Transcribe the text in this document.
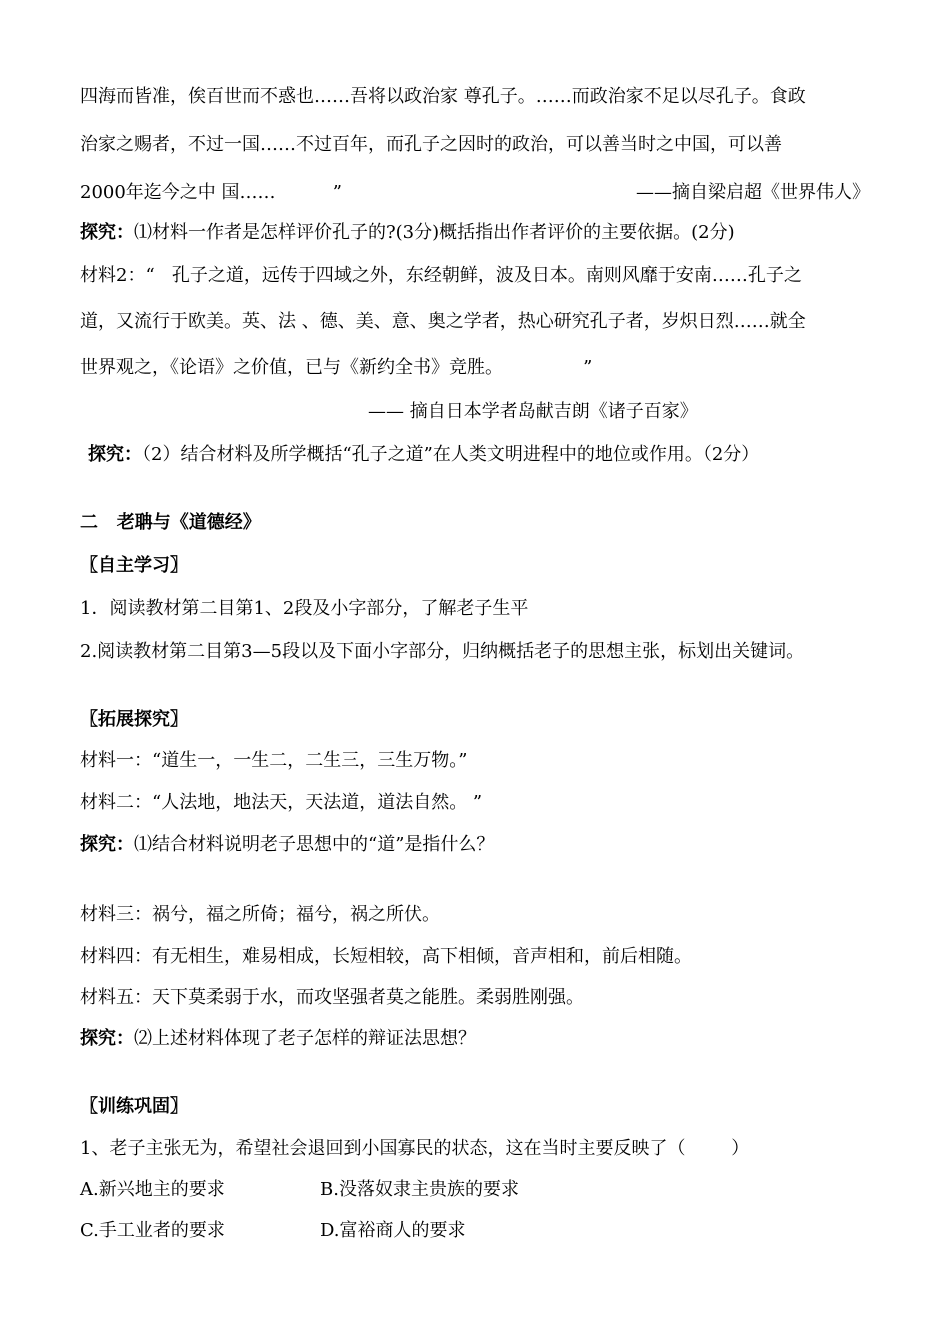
四海而皆准，俟百世而不惑也……吾将以政治家 尊孔子。……而政治家不足以尽孔子。食政
治家之赐者，不过一国……不过百年，而孔子之因时的政治，可以善当时之中国，可以善
2000年迄今之中 国……          ”	——摘自梁启超《世界伟人》
探究：⑴材料一作者是怎样评价孔子的?(3分)概括指出作者评价的主要依据。(2分)
材料2：“   孔子之道，远传于四域之外，东经朝鲜，波及日本。南则风靡于安南……孔子之
道，又流行于欧美。英、法 、德、美、意、奥之学者，热心研究孔子者，岁炽日烈……就全
世界观之，《论语》之价值，已与《新约全书》竞胜。              ”
—— 摘自日本学者岛献吉朗《诸子百家》
探究：（2）结合材料及所学概括“孔子之道”在人类文明进程中的地位或作用。（2分）
二   老聃与《道德经》
〖自主学习〗
1．阅读教材第二目第1、2段及小字部分，了解老子生平
2.阅读教材第二目第3—5段以及下面小字部分，归纳概括老子的思想主张，标划出关键词。
〖拓展探究〗
材料一：“道生一，一生二，二生三，三生万物。”
材料二：“人法地，地法天，天法道，道法自然。 ”
探究：⑴结合材料说明老子思想中的“道”是指什么？
材料三：祸兮，福之所倚；福兮，祸之所伏。
材料四：有无相生，难易相成，长短相较，高下相倾，音声相和，前后相随。
材料五：天下莫柔弱于水，而攻坚强者莫之能胜。柔弱胜刚强。
探究：⑵上述材料体现了老子怎样的辩证法思想？
〖训练巩固〗
1、老子主张无为，希望社会退回到小国寡民的状态，这在当时主要反映了（        ）
A.新兴地主的要求	B.没落奴隶主贵族的要求
C.手工业者的要求	D.富裕商人的要求
